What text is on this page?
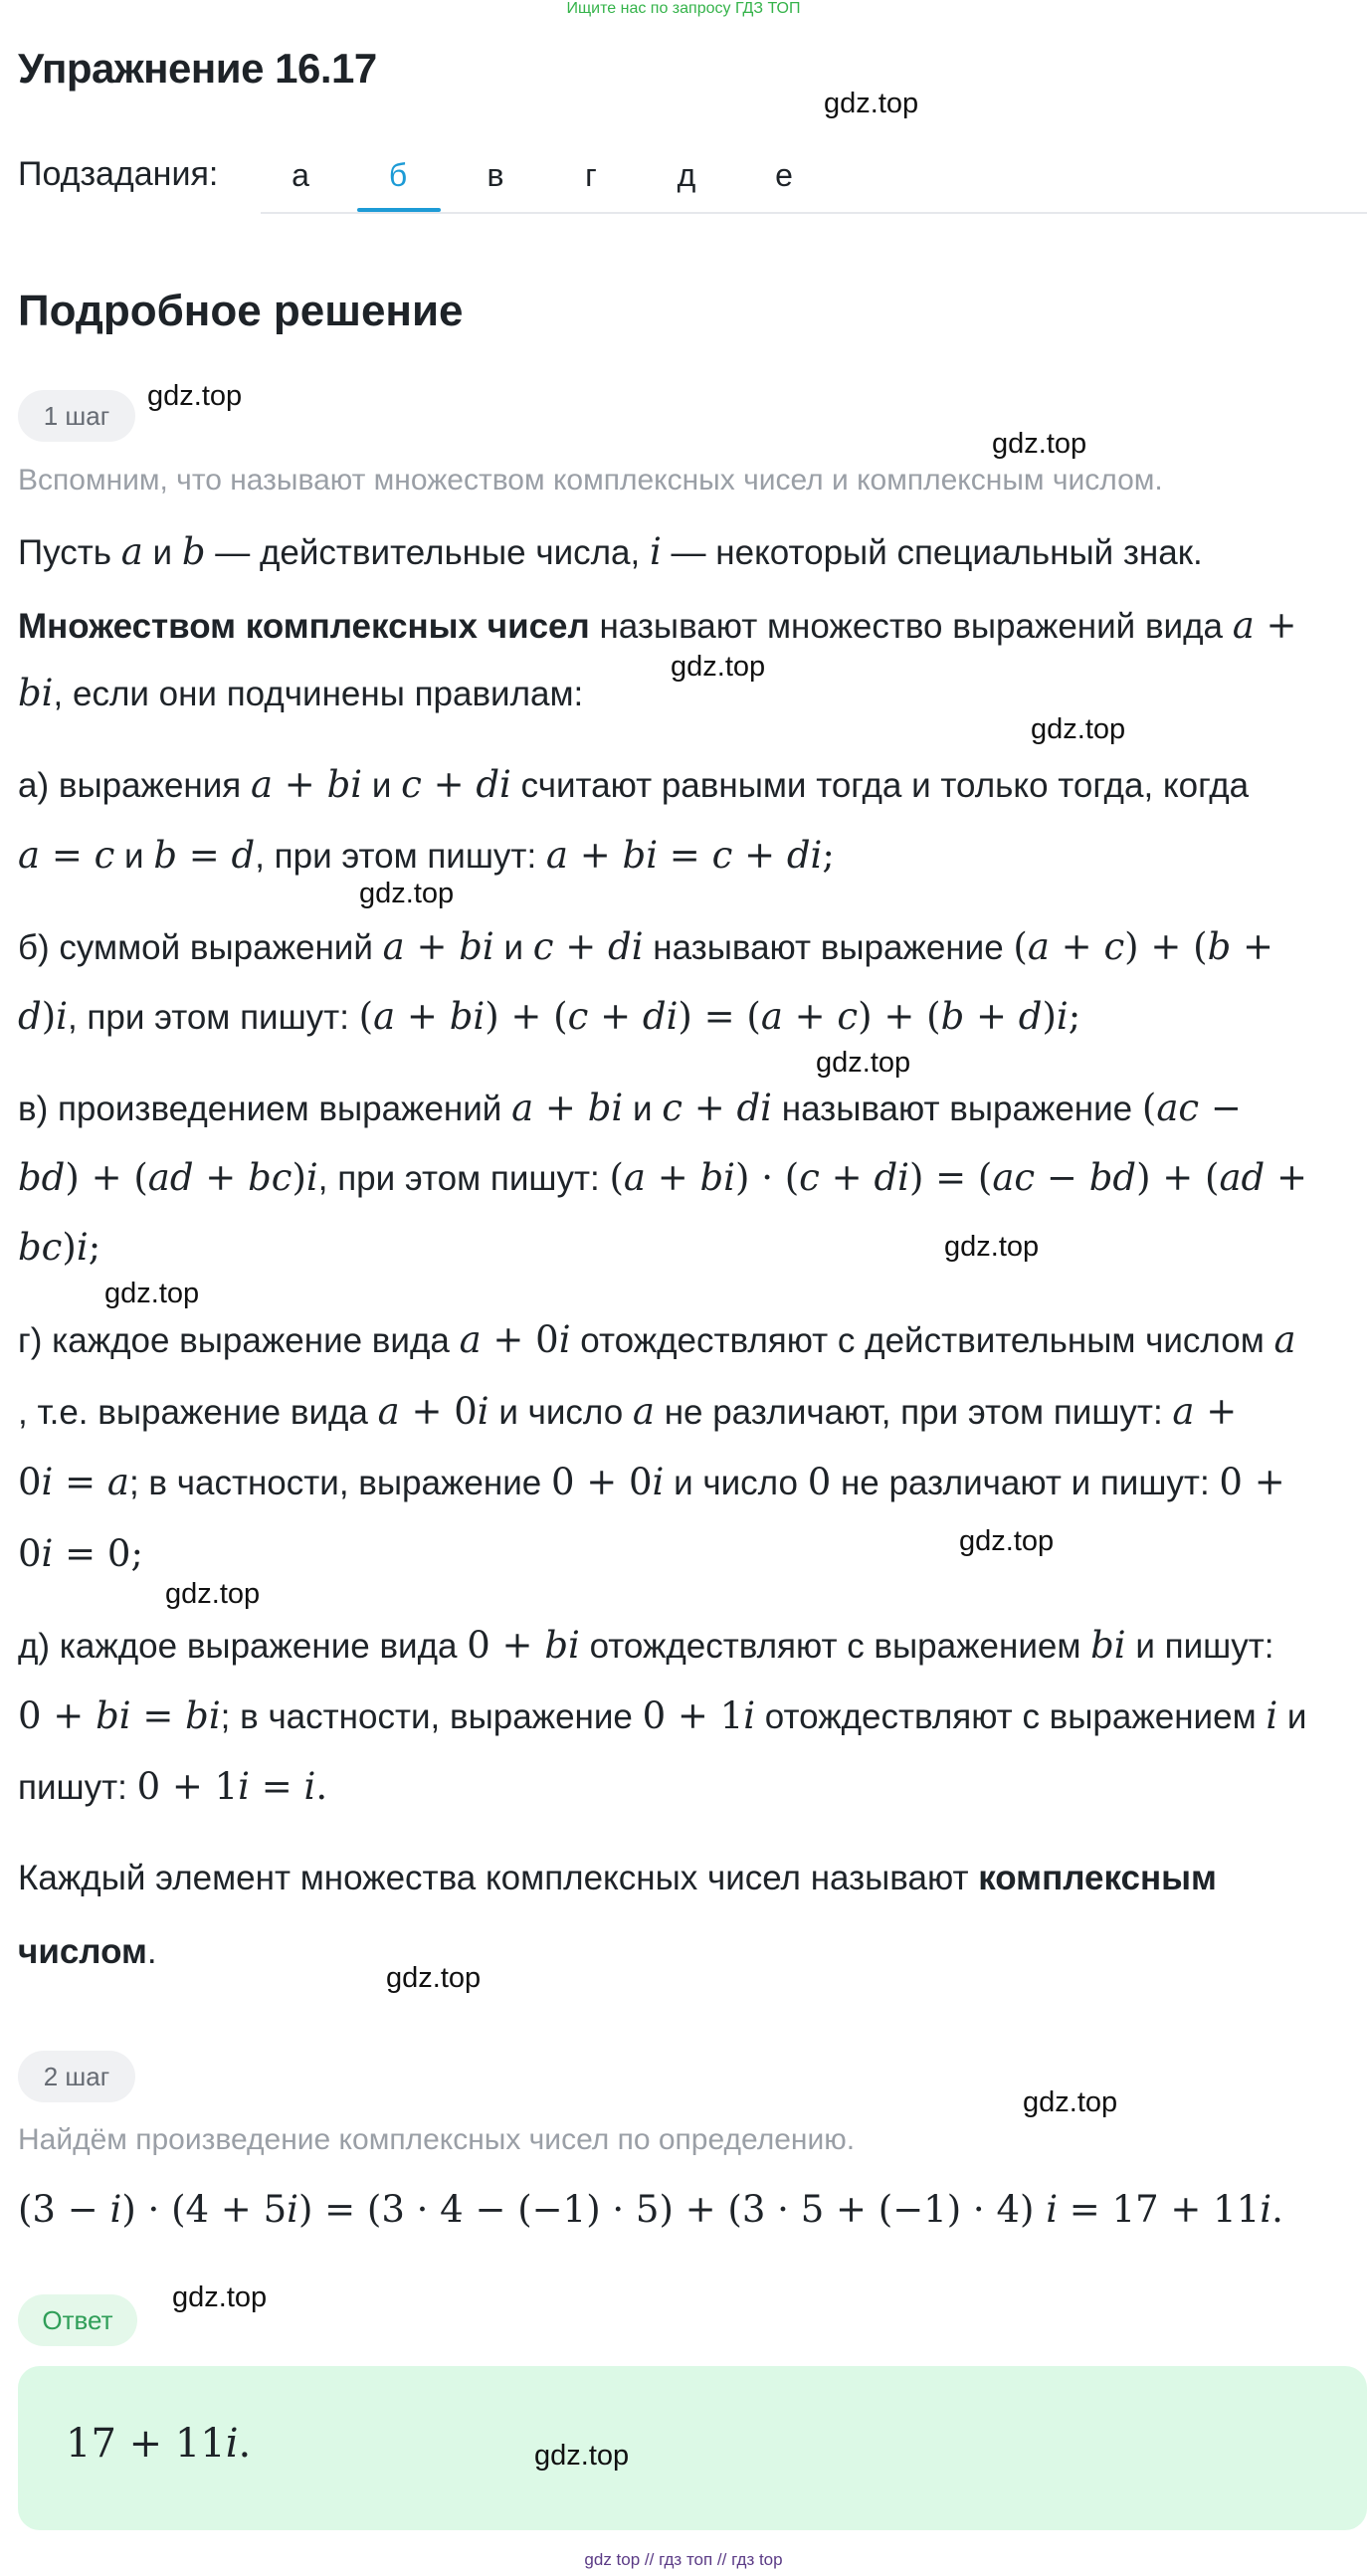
Ищите нас по запросу ГДЗ ТОП
Упражнение 16.17
Подзадания:	а	б	в	г	д	е
Подробное решение
1 шаг
Вспомним, что называют множеством комплексных чисел и комплексным числом.
Пусть a и b — действительные числа, i — некоторый специальный знак.
Множеством комплексных чисел называют множество выражений вида a +
bi, если они подчинены правилам:
а) выражения a + bi и c + di считают равными тогда и только тогда, когда
a = c и b = d, при этом пишут: a + bi = c + di;
б) суммой выражений a + bi и c + di называют выражение (a + c) + (b +
d)i, при этом пишут: (a + bi) + (c + di) = (a + c) + (b + d)i;
в) произведением выражений a + bi и c + di называют выражение (ac −
bd) + (ad + bc)i, при этом пишут: (a + bi) · (c + di) = (ac − bd) + (ad +
bc)i;
г) каждое выражение вида a + 0i отождествляют с действительным числом a
, т.е. выражение вида a + 0i и число a не различают, при этом пишут: a +
0i = a; в частности, выражение 0 + 0i и число 0 не различают и пишут: 0 +
0i = 0;
д) каждое выражение вида 0 + bi отождествляют с выражением bi и пишут:
0 + bi = bi; в частности, выражение 0 + 1i отождествляют с выражением i и
пишут: 0 + 1i = i.
Каждый элемент множества комплексных чисел называют комплексным
числом.
2 шаг
Найдём произведение комплексных чисел по определению.
(3 − i) · (4 + 5i) = (3 · 4 − (−1) · 5) + (3 · 5 + (−1) · 4) i = 17 + 11i.
Ответ
17 + 11i.
gdz.top
gdz.top
gdz.top
gdz.top
gdz.top
gdz.top
gdz.top
gdz.top
gdz.top
gdz.top
gdz.top
gdz.top
gdz.top
gdz.top
gdz.top
gdz top // гдз топ // гдз top
